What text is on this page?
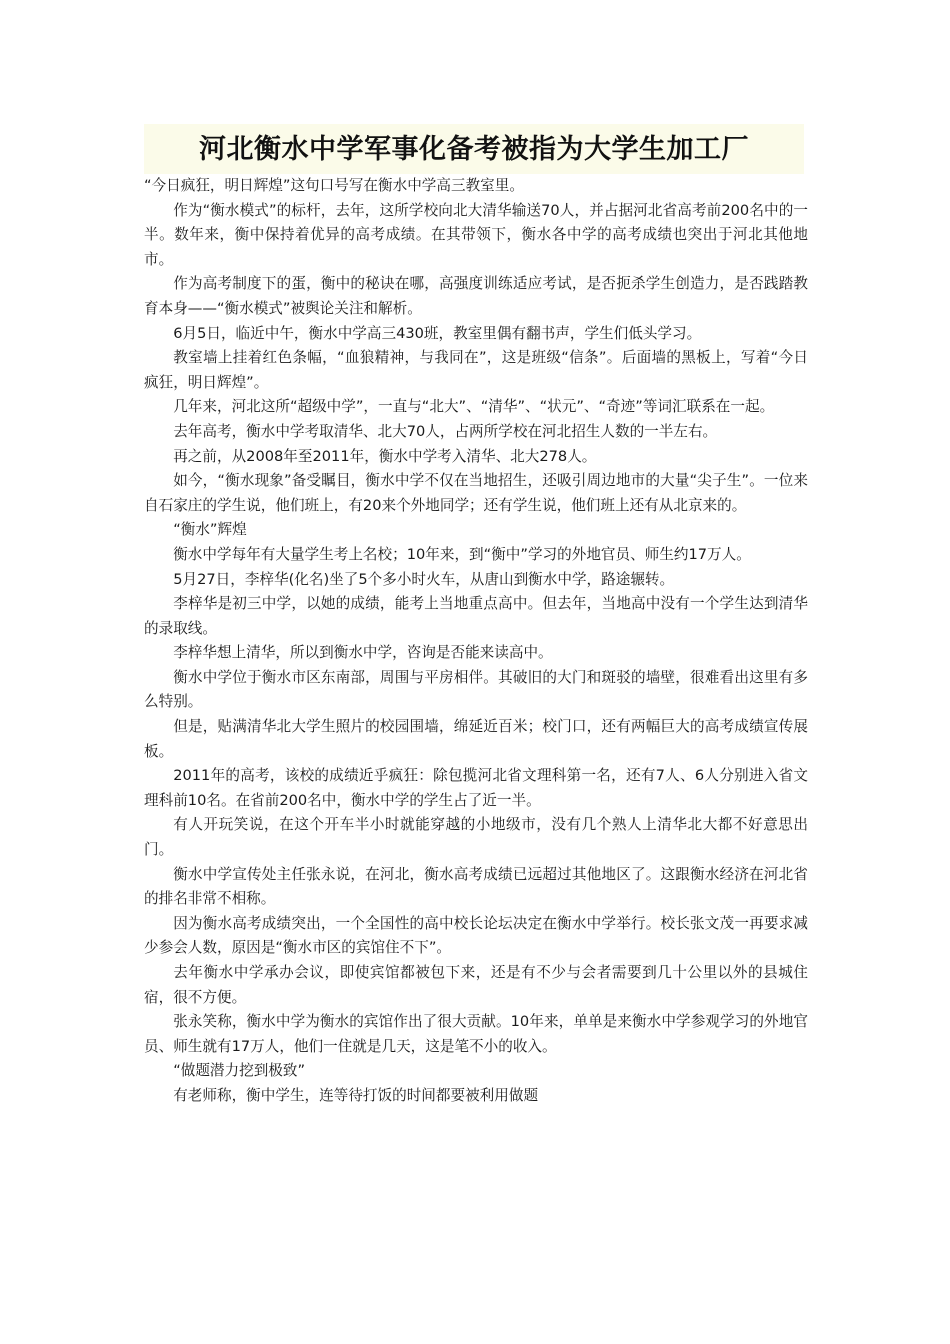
河北衡水中学军事化备考被指为大学生加工厂

“今日疯狂，明日辉煌”这句口号写在衡水中学高三教室里。

作为“衡水模式”的标杆，去年，这所学校向北大清华输送70人，并占据河北省高考前200名中的一半。数年来，衡中保持着优异的高考成绩。在其带领下，衡水各中学的高考成绩也突出于河北其他地市。

作为高考制度下的蛋，衡中的秘诀在哪，高强度训练适应考试，是否扼杀学生创造力，是否践踏教育本身——“衡水模式”被舆论关注和解析。

6月5日，临近中午，衡水中学高三430班，教室里偶有翻书声，学生们低头学习。

教室墙上挂着红色条幅，“血狼精神，与我同在”，这是班级“信条”。后面墙的黑板上，写着“今日疯狂，明日辉煌”。

几年来，河北这所“超级中学”，一直与“北大”、“清华”、“状元”、“奇迹”等词汇联系在一起。

去年高考，衡水中学考取清华、北大70人，占两所学校在河北招生人数的一半左右。

再之前，从2008年至2011年，衡水中学考入清华、北大278人。

如今，“衡水现象”备受瞩目，衡水中学不仅在当地招生，还吸引周边地市的大量“尖子生”。一位来自石家庄的学生说，他们班上，有20来个外地同学；还有学生说，他们班上还有从北京来的。

“衡水”辉煌

衡水中学每年有大量学生考上名校；10年来，到“衡中”学习的外地官员、师生约17万人。

5月27日，李梓华(化名)坐了5个多小时火车，从唐山到衡水中学，路途辗转。

李梓华是初三中学，以她的成绩，能考上当地重点高中。但去年，当地高中没有一个学生达到清华的录取线。

李梓华想上清华，所以到衡水中学，咨询是否能来读高中。

衡水中学位于衡水市区东南部，周围与平房相伴。其破旧的大门和斑驳的墙壁，很难看出这里有多么特别。

但是，贴满清华北大学生照片的校园围墙，绵延近百米；校门口，还有两幅巨大的高考成绩宣传展板。

2011年的高考，该校的成绩近乎疯狂：除包揽河北省文理科第一名，还有7人、6人分别进入省文理科前10名。在省前200名中，衡水中学的学生占了近一半。

有人开玩笑说，在这个开车半小时就能穿越的小地级市，没有几个熟人上清华北大都不好意思出门。

衡水中学宣传处主任张永说，在河北，衡水高考成绩已远超过其他地区了。这跟衡水经济在河北省的排名非常不相称。

因为衡水高考成绩突出，一个全国性的高中校长论坛决定在衡水中学举行。校长张文茂一再要求减少参会人数，原因是“衡水市区的宾馆住不下”。

去年衡水中学承办会议，即使宾馆都被包下来，还是有不少与会者需要到几十公里以外的县城住宿，很不方便。

张永笑称，衡水中学为衡水的宾馆作出了很大贡献。10年来，单单是来衡水中学参观学习的外地官员、师生就有17万人，他们一住就是几天，这是笔不小的收入。

“做题潜力挖到极致”

有老师称，衡中学生，连等待打饭的时间都要被利用做题
